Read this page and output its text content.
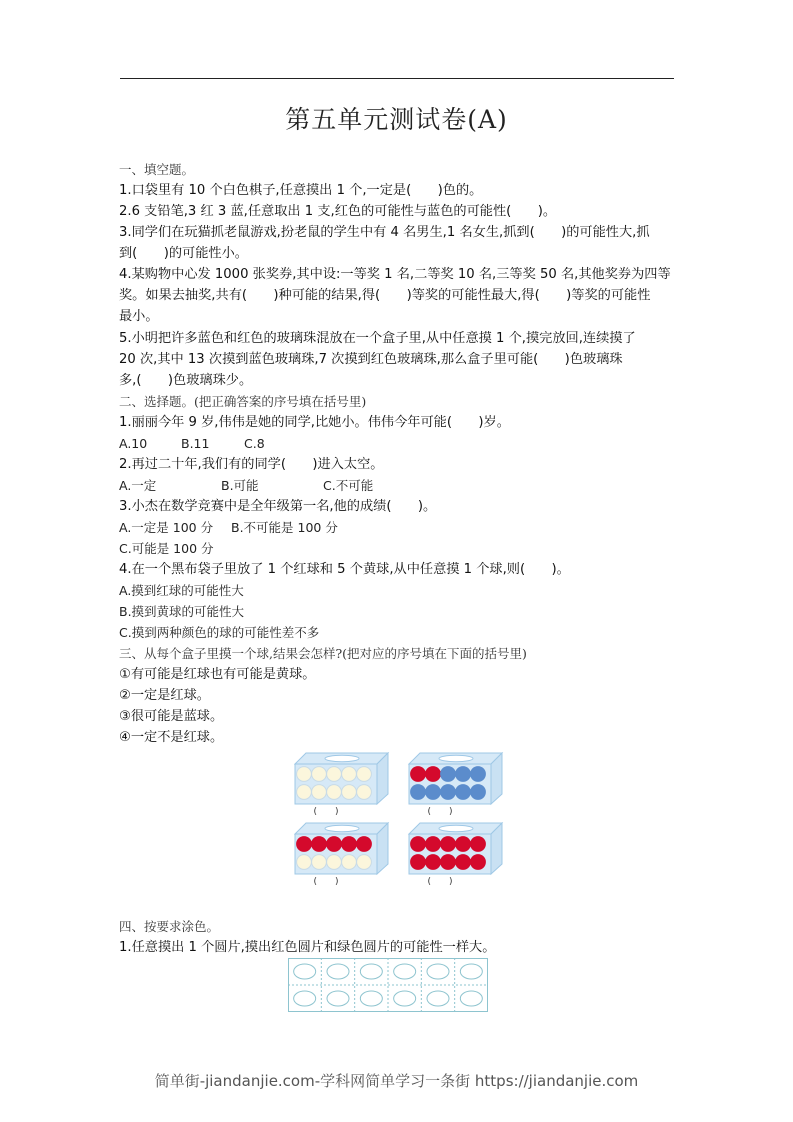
第五单元测试卷(A)
一、填空题。
1.口袋里有 10 个白色棋子,任意摸出 1 个,一定是(　　)色的。
2.6 支铅笔,3 红 3 蓝,任意取出 1 支,红色的可能性与蓝色的可能性(　　)。
3.同学们在玩猫抓老鼠游戏,扮老鼠的学生中有 4 名男生,1 名女生,抓到(　　)的可能性大,抓
到(　　)的可能性小。
4.某购物中心发 1000 张奖券,其中设:一等奖 1 名,二等奖 10 名,三等奖 50 名,其他奖券为四等
奖。如果去抽奖,共有(　　)种可能的结果,得(　　)等奖的可能性最大,得(　　)等奖的可能性
最小。
5.小明把许多蓝色和红色的玻璃珠混放在一个盒子里,从中任意摸 1 个,摸完放回,连续摸了
20 次,其中 13 次摸到蓝色玻璃珠,7 次摸到红色玻璃珠,那么盒子里可能(　　)色玻璃珠
多,(　　)色玻璃珠少。
二、选择题。(把正确答案的序号填在括号里)
1.丽丽今年 9 岁,伟伟是她的同学,比她小。伟伟今年可能(　　)岁。
A.10	B.11	C.8
2.再过二十年,我们有的同学(　　)进入太空。
A.一定	B.可能	C.不可能
3.小杰在数学竞赛中是全年级第一名,他的成绩(　　)。
A.一定是 100 分 B.不可能是 100 分
C.可能是 100 分
4.在一个黑布袋子里放了 1 个红球和 5 个黄球,从中任意摸 1 个球,则(　　)。
A.摸到红球的可能性大
B.摸到黄球的可能性大
C.摸到两种颜色的球的可能性差不多
三、从每个盒子里摸一个球,结果会怎样?(把对应的序号填在下面的括号里)
①有可能是红球也有可能是黄球。
②一定是红球。
③很可能是蓝球。
④一定不是红球。
(　　)	(　　)
(　　)	(　　)
四、按要求涂色。
1.任意摸出 1 个圆片,摸出红色圆片和绿色圆片的可能性一样大。
简单街-jiandanjie.com-学科网简单学习一条街 https://jiandanjie.com
